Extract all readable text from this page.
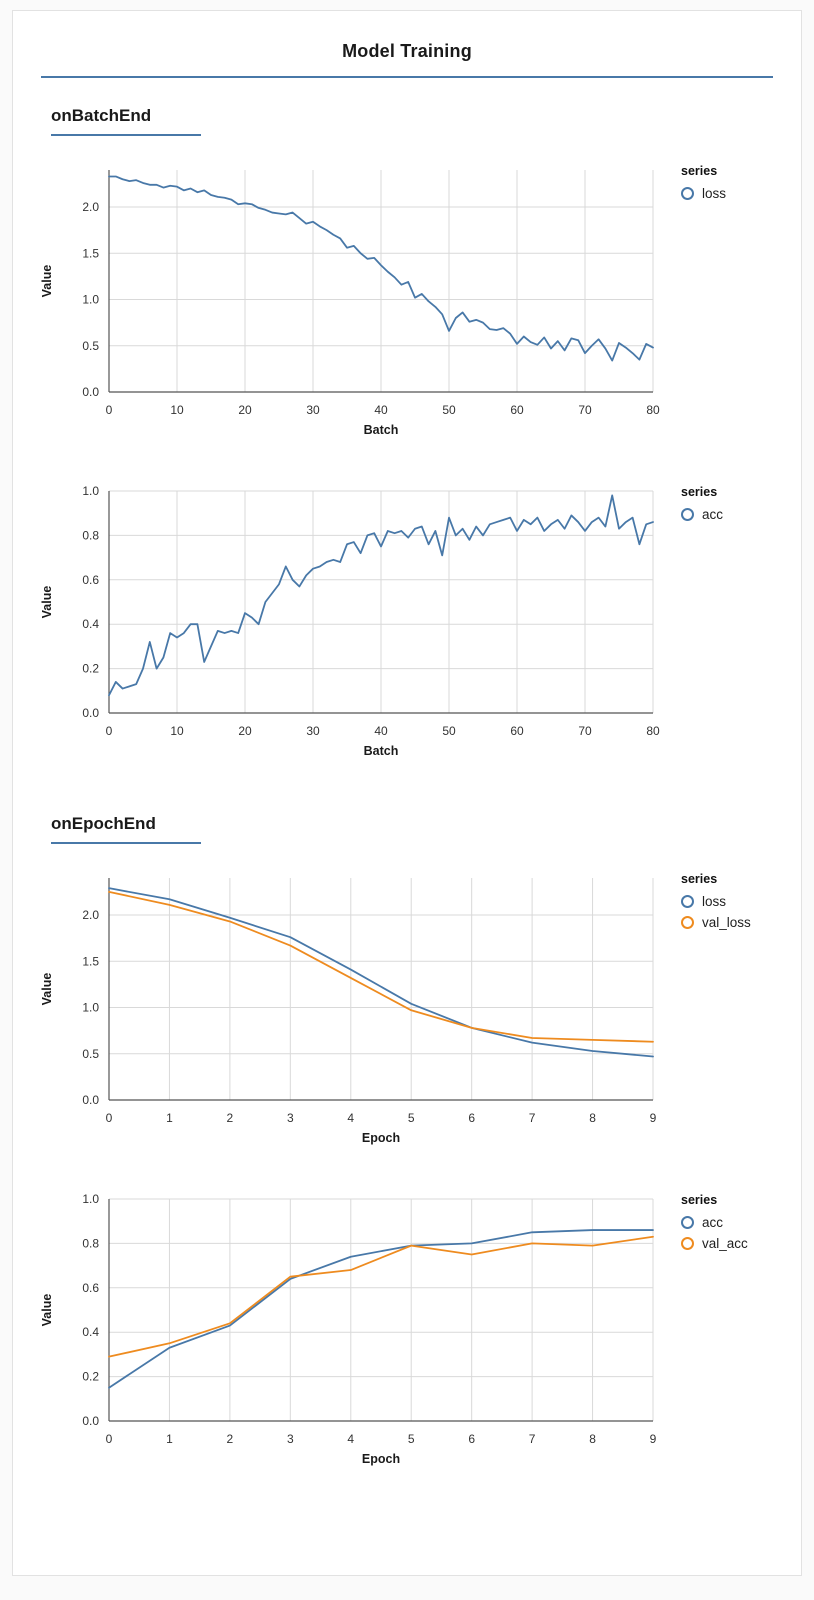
Model Training
onBatchEnd
0.0
0.5
1.0
1.5
2.0
0	10	20	30	40	50	60	70	80
Batch
Value
series
loss
0.0
0.2
0.4
0.6
0.8
1.0
0	10	20	30	40	50	60	70	80
Batch
Value
series
acc
onEpochEnd
0.0
0.5
1.0
1.5
2.0
0	1	2	3	4	5	6	7	8	9
Epoch
Value
series
loss
val_loss
0.0
0.2
0.4
0.6
0.8
1.0
0	1	2	3	4	5	6	7	8	9
Epoch
Value
series
acc
val_acc
